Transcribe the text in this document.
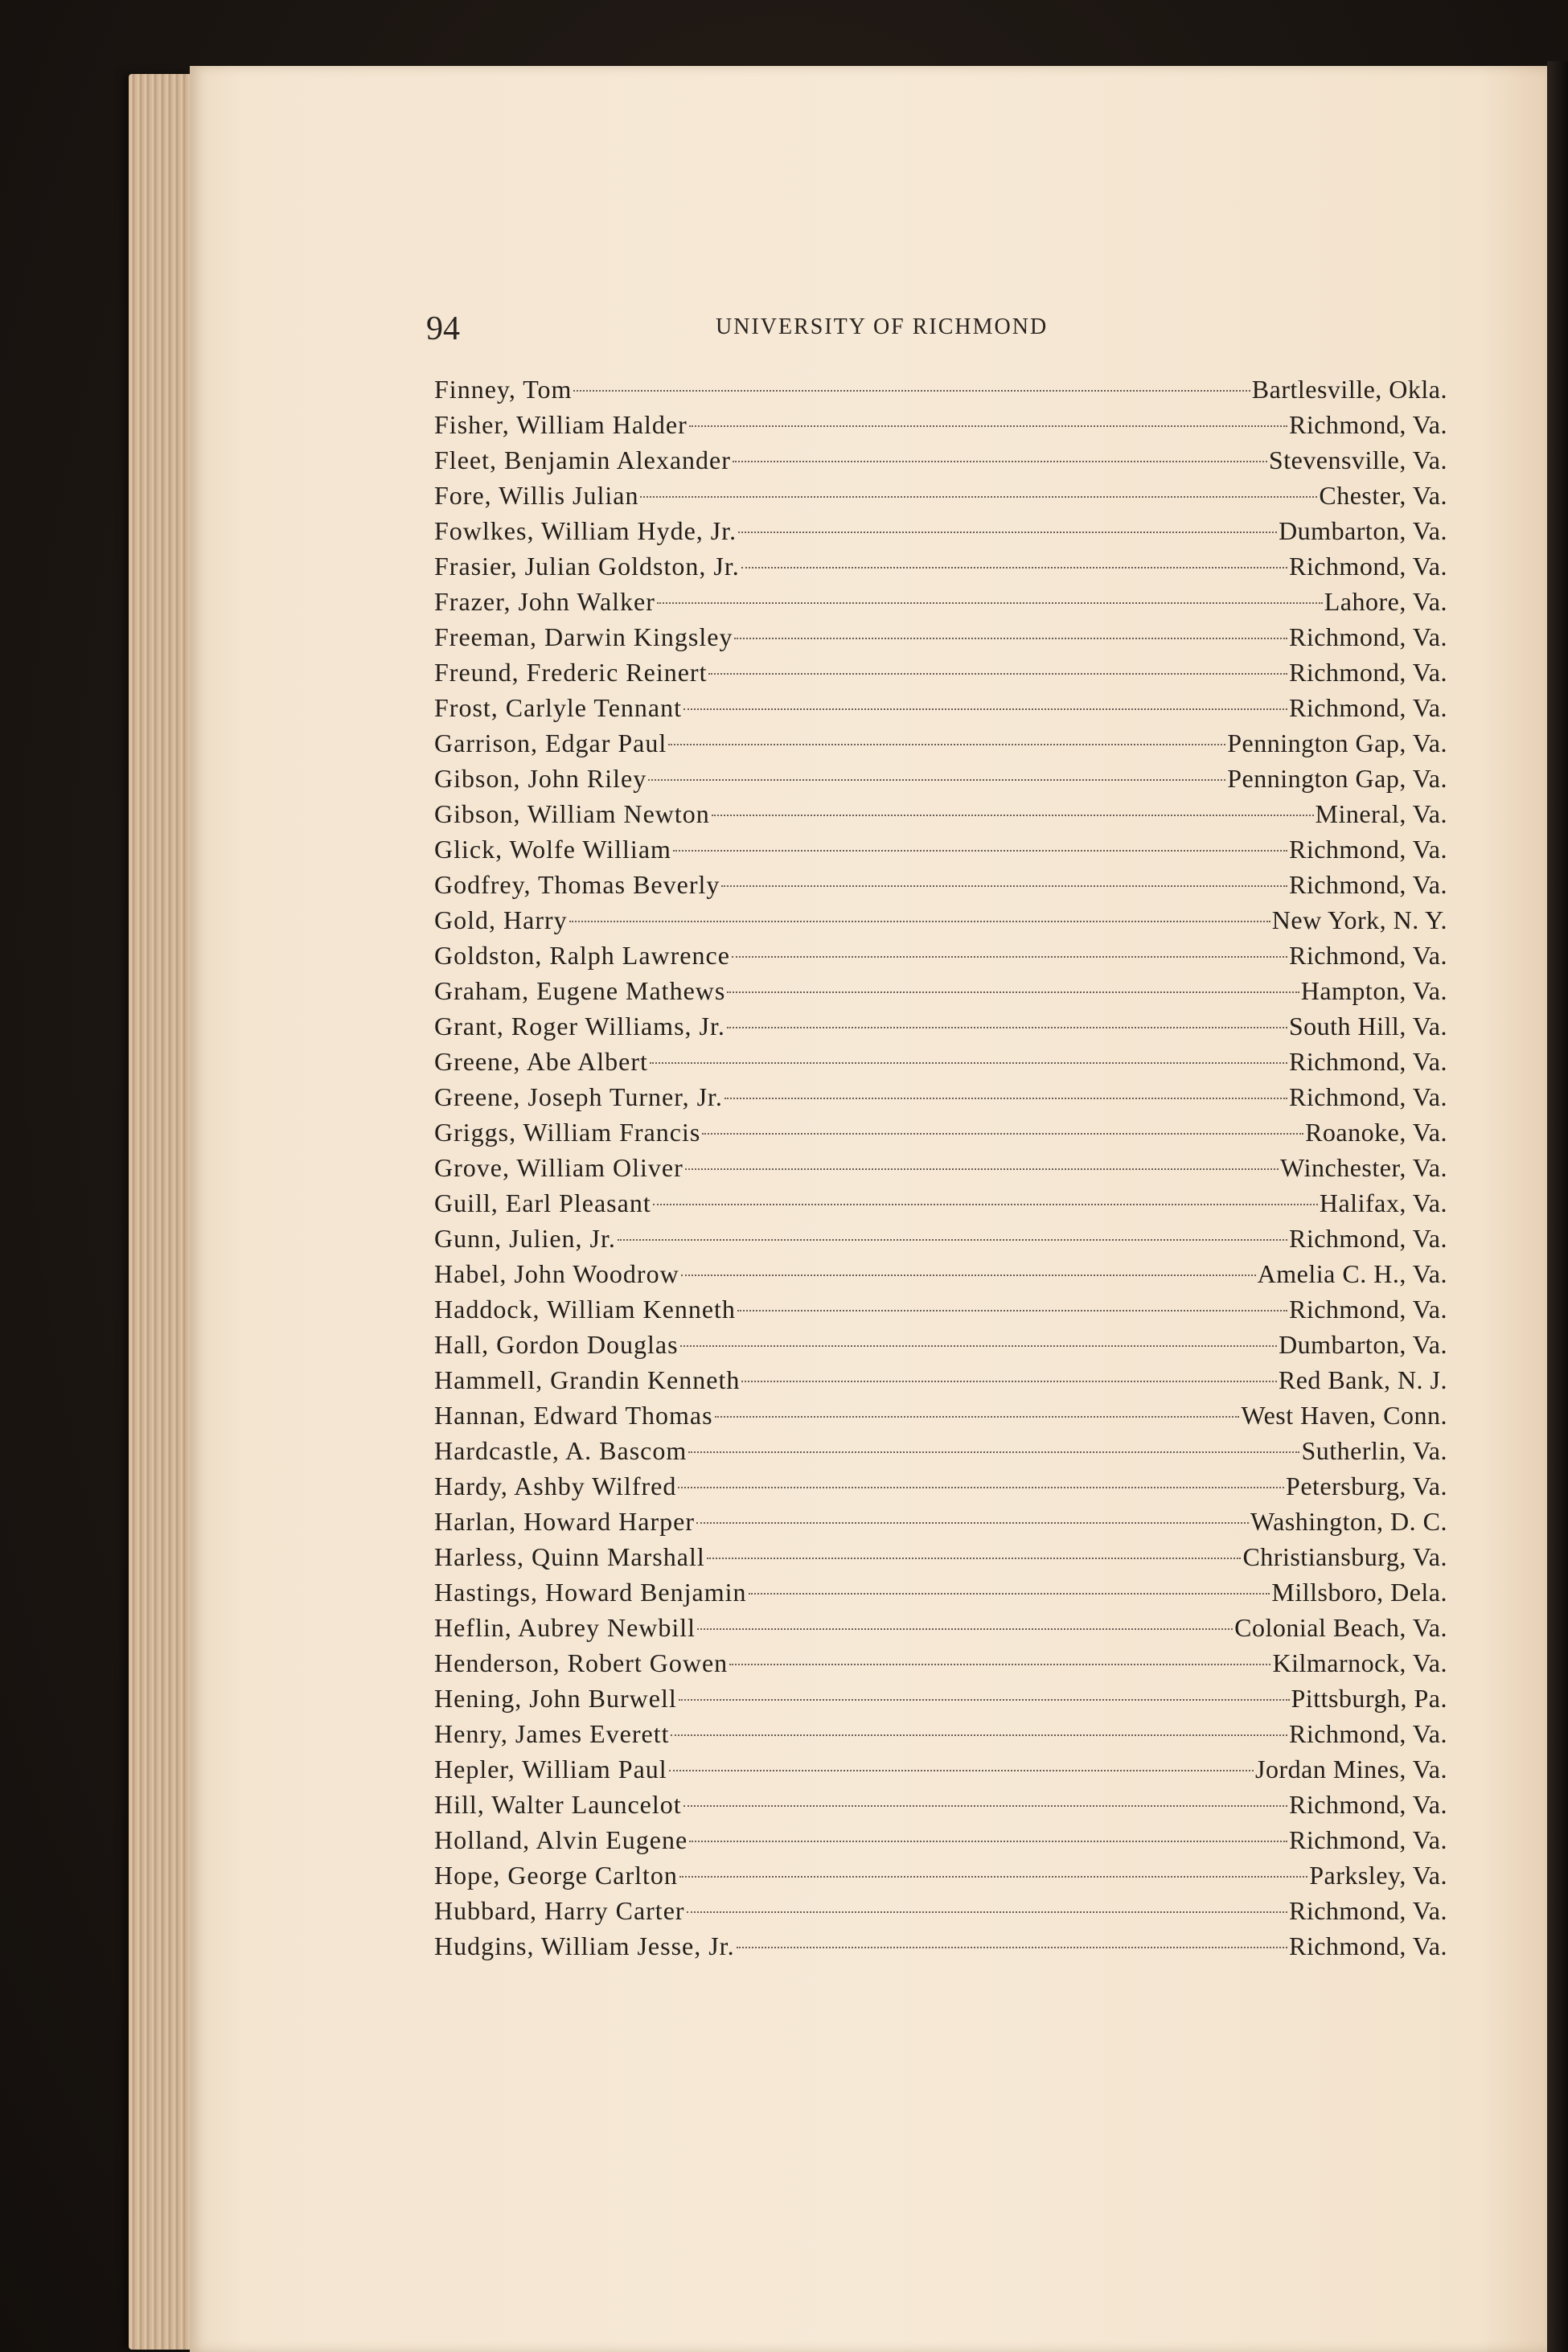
94	UNIVERSITY OF RICHMOND
Finney, Tom	Bartlesville, Okla.
Fisher, William Halder	Richmond, Va.
Fleet, Benjamin Alexander	Stevensville, Va.
Fore, Willis Julian	Chester, Va.
Fowlkes, William Hyde, Jr.	Dumbarton, Va.
Frasier, Julian Goldston, Jr.	Richmond, Va.
Frazer, John Walker	Lahore, Va.
Freeman, Darwin Kingsley	Richmond, Va.
Freund, Frederic Reinert	Richmond, Va.
Frost, Carlyle Tennant	Richmond, Va.
Garrison, Edgar Paul	Pennington Gap, Va.
Gibson, John Riley	Pennington Gap, Va.
Gibson, William Newton	Mineral, Va.
Glick, Wolfe William	Richmond, Va.
Godfrey, Thomas Beverly	Richmond, Va.
Gold, Harry	New York, N. Y.
Goldston, Ralph Lawrence	Richmond, Va.
Graham, Eugene Mathews	Hampton, Va.
Grant, Roger Williams, Jr.	South Hill, Va.
Greene, Abe Albert	Richmond, Va.
Greene, Joseph Turner, Jr.	Richmond, Va.
Griggs, William Francis	Roanoke, Va.
Grove, William Oliver	Winchester, Va.
Guill, Earl Pleasant	Halifax, Va.
Gunn, Julien, Jr.	Richmond, Va.
Habel, John Woodrow	Amelia C. H., Va.
Haddock, William Kenneth	Richmond, Va.
Hall, Gordon Douglas	Dumbarton, Va.
Hammell, Grandin Kenneth	Red Bank, N. J.
Hannan, Edward Thomas	West Haven, Conn.
Hardcastle, A. Bascom	Sutherlin, Va.
Hardy, Ashby Wilfred	Petersburg, Va.
Harlan, Howard Harper	Washington, D. C.
Harless, Quinn Marshall	Christiansburg, Va.
Hastings, Howard Benjamin	Millsboro, Dela.
Heflin, Aubrey Newbill	Colonial Beach, Va.
Henderson, Robert Gowen	Kilmarnock, Va.
Hening, John Burwell	Pittsburgh, Pa.
Henry, James Everett	Richmond, Va.
Hepler, William Paul	Jordan Mines, Va.
Hill, Walter Launcelot	Richmond, Va.
Holland, Alvin Eugene	Richmond, Va.
Hope, George Carlton	Parksley, Va.
Hubbard, Harry Carter	Richmond, Va.
Hudgins, William Jesse, Jr.	Richmond, Va.
